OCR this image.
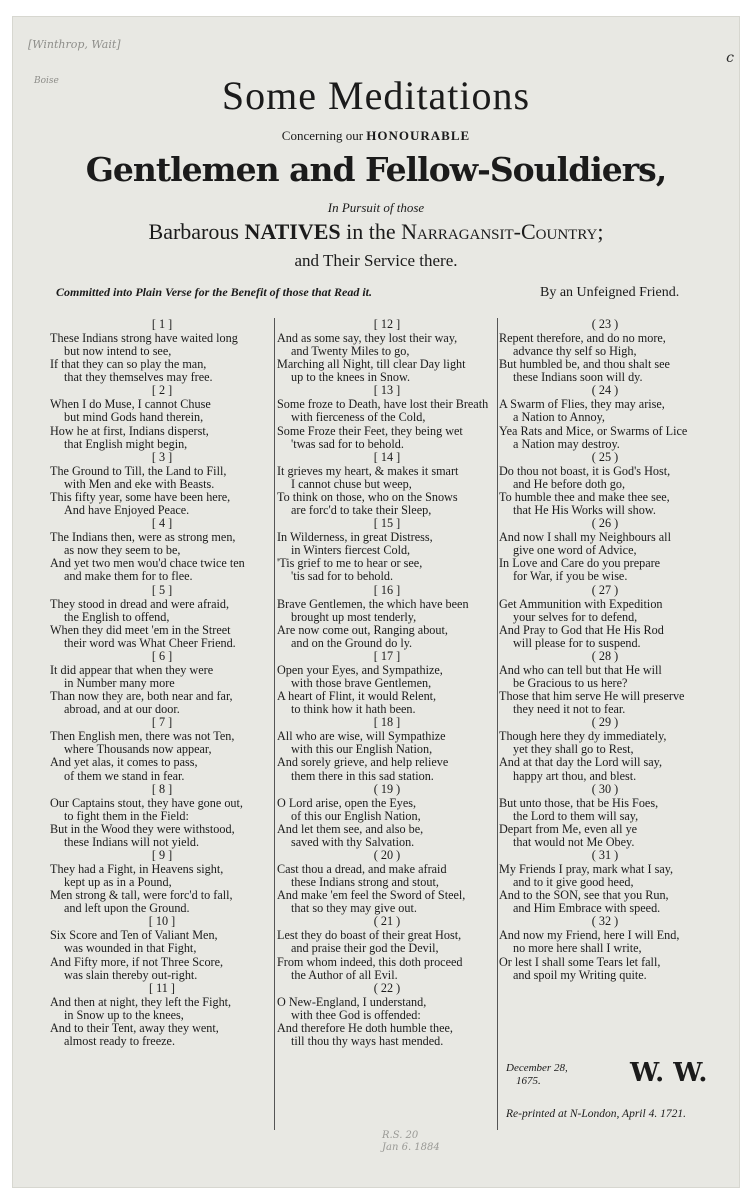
[Winthrop, Wait]
Boise
c
Some Meditations
Concerning our HONOURABLE
Gentlemen and Fellow-Souldiers,
In Pursuit of those
Barbarous NATIVES in the Narragansit-Country;
and Their Service there.
Committed into Plain Verse for the Benefit of those that Read it.	By an Unfeigned Friend.
[ 1 ]
These Indians strong have waited long
but now intend to see,
If that they can so play the man,
that they themselves may free.
[ 2 ]
When I do Muse, I cannot Chuse
but mind Gods hand therein,
How he at first, Indians disperst,
that English might begin,
[ 3 ]
The Ground to Till, the Land to Fill,
with Men and eke with Beasts.
This fifty year, some have been here,
And have Enjoyed Peace.
[ 4 ]
The Indians then, were as strong men,
as now they seem to be,
And yet two men wou'd chace twice ten
and make them for to flee.
[ 5 ]
They stood in dread and were afraid,
the English to offend,
When they did meet 'em in the Street
their word was What Cheer Friend.
[ 6 ]
It did appear that when they were
in Number many more
Than now they are, both near and far,
abroad, and at our door.
[ 7 ]
Then English men, there was not Ten,
where Thousands now appear,
And yet alas, it comes to pass,
of them we stand in fear.
[ 8 ]
Our Captains stout, they have gone out,
to fight them in the Field:
But in the Wood they were withstood,
these Indians will not yield.
[ 9 ]
They had a Fight, in Heavens sight,
kept up as in a Pound,
Men strong & tall, were forc'd to fall,
and left upon the Ground.
[ 10 ]
Six Score and Ten of Valiant Men,
was wounded in that Fight,
And Fifty more, if not Three Score,
was slain thereby out-right.
[ 11 ]
And then at night, they left the Fight,
in Snow up to the knees,
And to their Tent, away they went,
almost ready to freeze.
[ 12 ]
And as some say, they lost their way,
and Twenty Miles to go,
Marching all Night, till clear Day light
up to the knees in Snow.
[ 13 ]
Some froze to Death, have lost their Breath
with fierceness of the Cold,
Some Froze their Feet, they being wet
'twas sad for to behold.
[ 14 ]
It grieves my heart, & makes it smart
I cannot chuse but weep,
To think on those, who on the Snows
are forc'd to take their Sleep,
[ 15 ]
In Wilderness, in great Distress,
in Winters fiercest Cold,
'Tis grief to me to hear or see,
'tis sad for to behold.
[ 16 ]
Brave Gentlemen, the which have been
brought up most tenderly,
Are now come out, Ranging about,
and on the Ground do ly.
[ 17 ]
Open your Eyes, and Sympathize,
with those brave Gentlemen,
A heart of Flint, it would Relent,
to think how it hath been.
[ 18 ]
All who are wise, will Sympathize
with this our English Nation,
And sorely grieve, and help relieve
them there in this sad station.
( 19 )
O Lord arise, open the Eyes,
of this our English Nation,
And let them see, and also be,
saved with thy Salvation.
( 20 )
Cast thou a dread, and make afraid
these Indians strong and stout,
And make 'em feel the Sword of Steel,
that so they may give out.
( 21 )
Lest they do boast of their great Host,
and praise their god the Devil,
From whom indeed, this doth proceed
the Author of all Evil.
( 22 )
O New-England, I understand,
with thee God is offended:
And therefore He doth humble thee,
till thou thy ways hast mended.
( 23 )
Repent therefore, and do no more,
advance thy self so High,
But humbled be, and thou shalt see
these Indians soon will dy.
( 24 )
A Swarm of Flies, they may arise,
a Nation to Annoy,
Yea Rats and Mice, or Swarms of Lice
a Nation may destroy.
( 25 )
Do thou not boast, it is God's Host,
and He before doth go,
To humble thee and make thee see,
that He His Works will show.
( 26 )
And now I shall my Neighbours all
give one word of Advice,
In Love and Care do you prepare
for War, if you be wise.
( 27 )
Get Ammunition with Expedition
your selves for to defend,
And Pray to God that He His Rod
will please for to suspend.
( 28 )
And who can tell but that He will
be Gracious to us here?
Those that him serve He will preserve
they need it not to fear.
( 29 )
Though here they dy immediately,
yet they shall go to Rest,
And at that day the Lord will say,
happy art thou, and blest.
( 30 )
But unto those, that be His Foes,
the Lord to them will say,
Depart from Me, even all ye
that would not Me Obey.
( 31 )
My Friends I pray, mark what I say,
and to it give good heed,
And to the SON, see that you Run,
and Him Embrace with speed.
( 32 )
And now my Friend, here I will End,
no more here shall I write,
Or lest I shall some Tears let fall,
and spoil my Writing quite.
December 28,
1675.	W. W.
Re-printed at N-London, April 4. 1721.
R.S. 20
Jan 6. 1884
